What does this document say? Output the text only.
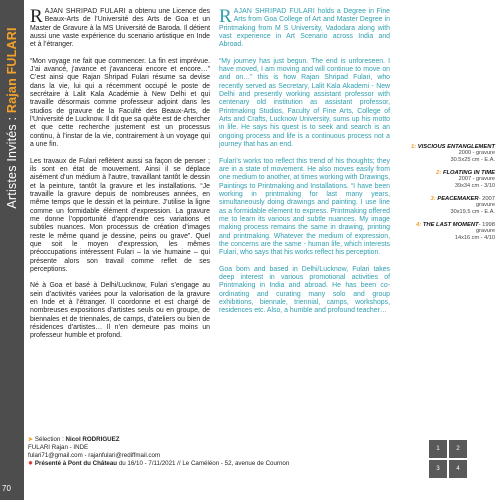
Artistes Invités : Rajan FULARI
70

RAJAN SHRIPAD FULARI a obtenu une Licence des Beaux-Arts de l’Université des Arts de Goa et un Master de Gravure à la MS Université de Baroda. Il détient aussi une vaste expérience du scenario artistique en Inde et à l’étranger.

“Mon voyage ne fait que commencer. La fin est imprévue. J’ai avancé, j’avance et j’avancerai encore et encore…” C’est ainsi que Rajan Shripad Fulari résume sa devise dans la vie, lui qui a récemment occupé le poste de secrétaire à Lalit Kala Académie à New Delhi et qui travaille désormais comme professeur adjoint dans les studios de gravure de la Faculté des Beaux-Arts, de l’Université de Lucknow. Il dit que sa quête est de chercher et que cette recherche justement est un processus continu, à l’instar de la vie, contrairement à un voyage qui a une fin.

Les travaux de Fulari reflètent aussi sa façon de penser ; ils sont en état de mouvement. Ainsi il se déplace aisément d’un médium à l’autre, travaillant tantôt le dessin et la peinture, tantôt la gravure et les installations. “Je travaille la gravure depuis de nombreuses années, en même temps que le dessin et la peinture. J’utilise la ligne comme un formidable élément d’expression. La gravure me donne l’opportunité d’apprendre ces variations et subtiles nuances. Mon processus de création d’images reste le même quand je dessine, peins ou grave”. Quel que soit le moyen d’expression, les mêmes préoccupations intéressent Fulari – la vie humaine – qui présente alors son travail comme reflet de ses perceptions.

Né à Goa et basé à Delhi/Lucknow, Fulari s’engage au sein d’activités variées pour la valorisation de la gravure en Inde et à l’étranger. Il coordonne et est chargé de nombreuses expositions d’artistes seuls ou en groupe, de biennales et de triennales, de camps, d’ateliers ou bien de résidences d’artistes… Il n’en demeure pas moins un professeur humble et profond.

RAJAN SHRIPAD FULARI holds a Degree in Fine Arts from Goa College of Art and Master Degree in Printmaking from M S University, Vadodara along with vast experience in Art Scenario across India and Abroad.

“My journey has just begun. The end is unforeseen. I have moved, I am moving and will continue to move on and on…” this is how Rajan Shripad Fulari, who recently served as Secretary, Lalit Kala Akademi - New Delhi and presently working assistant professor with centenary old institution as assistant professor, Printmaking Studios, Faculty of Fine Arts, College of Arts and Crafts, Lucknow University, sums up his motto in life. He says his quest is to seek and search is an ongoing process and life is a continuous process not a journey that has an end.

Fulari’s works too reflect this trend of his thoughts; they are in a state of movement. He also moves easily from one medium to another, at times working with Drawings, Paintings to Printmaking and Installations. “I have been working in printmaking for last many years, simultaneously doing drawings and painting. I use line as a formidable element to express. Printmaking offered me to learn its various and subtle nuances. My image making process remains the same in drawing, printing and printmaking. Whatever the medium of expression, the concerns are the same - human life, which interests Fulari, who says that his works reflect his perception.

Goa born and based in Delhi/Lucknow, Fulari takes deep interest in various promotional activities of Printmaking in India and abroad. He has been co-ordinating and curating many solo and group exhibitions, biennale, triennial, camps, workshops, residences etc. Also, a humble and profound teacher…

1: VISCIOUS ENTANGLEMENT
2000 - gravure
30.5x25 cm - E.A.
2: FLOATING IN TIME
2007 - gravure
39x34 cm - 3/10
3: PEACEMAKER- 2007
gravure
30x19.5 cm - E.A.
4: THE LAST MOMENT- 1998
gravure
14x16 cm - 4/10
➤ Sélection : Nicol RODRIGUEZ
FULARI Rajan - INDE
fulari71@gmail.com - rajanfulari@rediffmail.com
✸ Présenté à Pont du Château du 16/10 - 7/11/2021 // Le Caméléon - 52, avenue de Cournon
1	2
3	4
